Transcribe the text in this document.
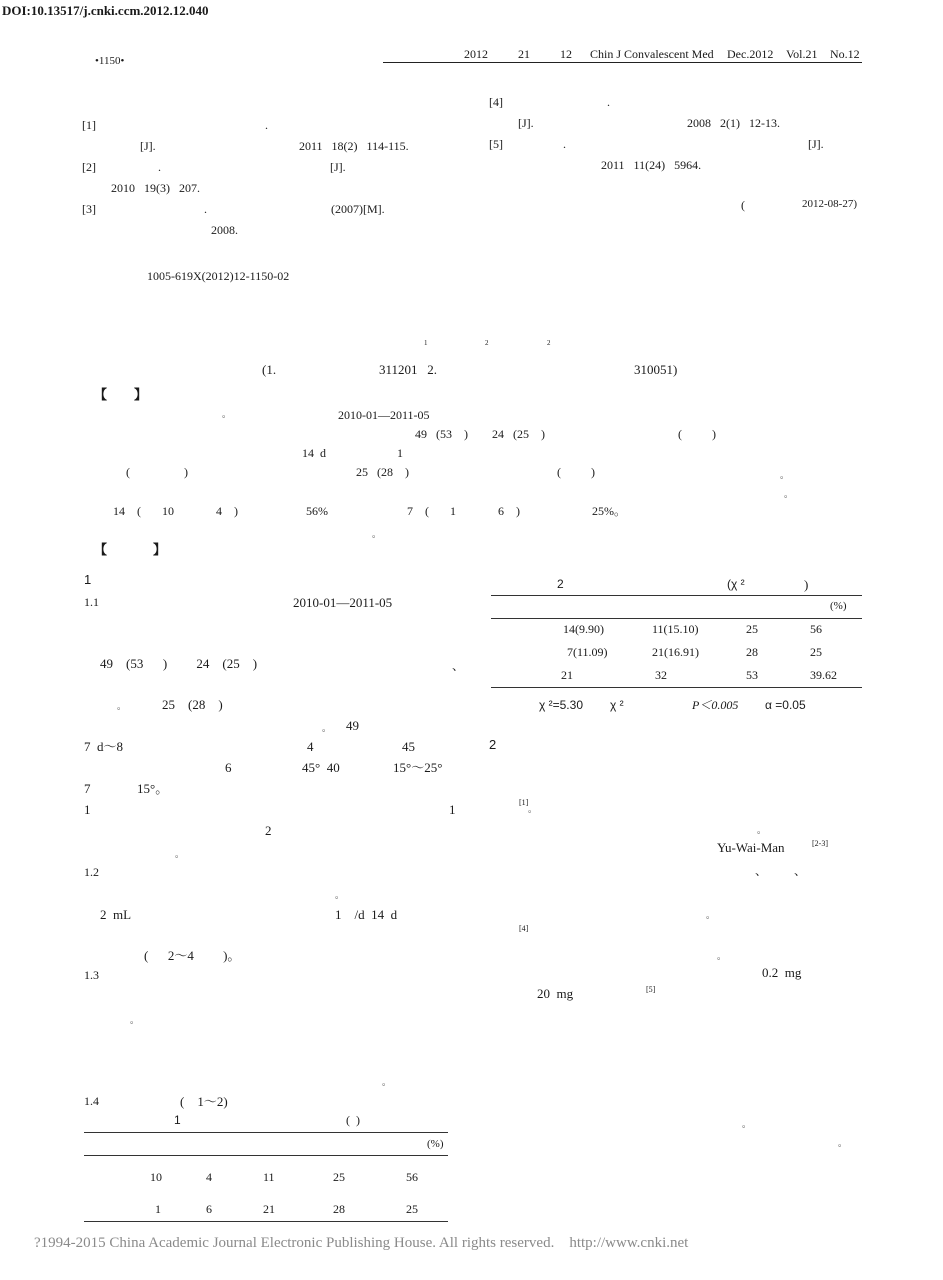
DOI:10.13517/j.cnki.ccm.2012.12.040
•1150•	2012	21	12 Chin J Convalescent Med Dec.2012 Vol.21 No.12
[1]	.
[J].	2011   18(2)   114-115.
[2]	.	[J].
2010   19(3)   207.
[3]	.	(2007)[M].
2008.
[4]	.
[J].	2008   2(1)   12-13.
[5]	.	[J].
2011   11(24)   5964.
(	2012-08-27)
1005-619X(2012)12-1150-02
1	2	2
(1.	311201   2.	310051)
【 】
。	2010-01—2011-05
49   (53    )        24   (25    )	(          )
14  d	1
(                  )	25   (28    )	(          )	。
。
14    (       10              4    )	56%	7    (       1              6    )	25%。
。
【	】
1
1.1	2010-01—2011-05
49    (53      )         24    (25    )	、
。	25    (28    )
。 49
7  d～8	4	45
6	45°  40	15°～25°
7	15°。
1	1
2
。
1.2
。
2  mL	1    /d  14  d
(      2～4         )。
1.3
。
。
1.4	(    1～2)
1	(  )
(%)
10	4	11	25	56
1	6	21	28	25
2	(χ ²	)
(%)
14(9.90)	11(15.10)	25	56
7(11.09)	21(16.91)	28	25
21	32	53	39.62
χ ²=5.30 χ ²	P＜0.005 α =0.05
2
[1]
。
。
Yu-Wai-Man	[2-3]
、         、
。
[4]
。
0.2  mg
20  mg	[5]
。
。
?1994-2015 China Academic Journal Electronic Publishing House. All rights reserved.    http://www.cnki.net
